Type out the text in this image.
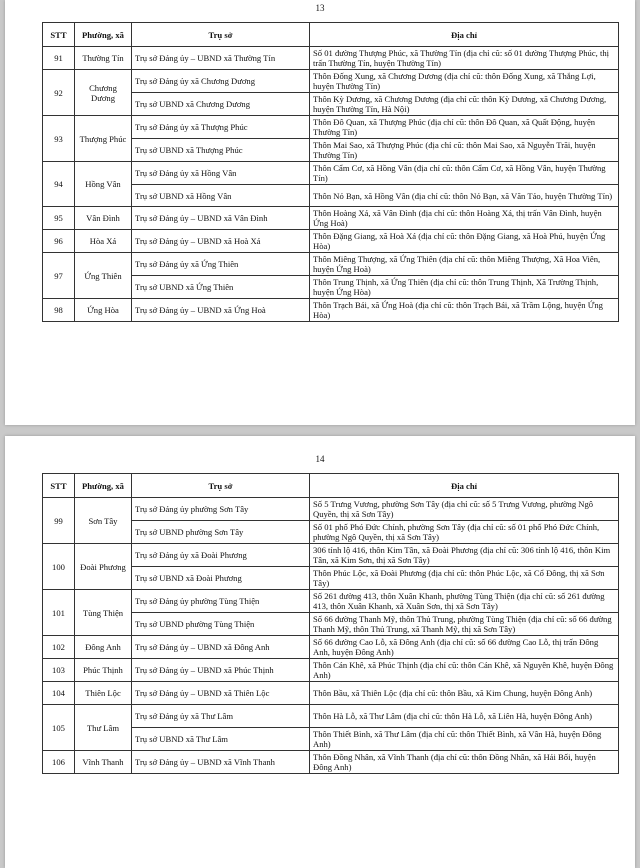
13
STT	Phường, xã	Trụ sở	Địa chỉ
91	Thường Tín	Trụ sở Đảng ủy – UBND xã Thường Tín	Số 01 đường Thượng Phúc, xã Thường Tín (địa chỉ cũ: số 01 đường Thượng Phúc, thị trấn Thường Tín, huyện Thường Tín)
92	Chương Dương	Trụ sở Đảng ủy xã Chương Dương	Thôn Đống Xung, xã Chương Dương (địa chỉ cũ: thôn Đống Xung, xã Thắng Lợi, huyện Thường Tín)
		Trụ sở UBND xã Chương Dương	Thôn Kỳ Dương, xã Chương Dương (địa chỉ cũ: thôn Kỳ Dương, xã Chương Dương, huyện Thường Tín, Hà Nội)
93	Thượng Phúc	Trụ sở Đảng ủy xã Thượng Phúc	Thôn Đô Quan, xã Thượng Phúc (địa chỉ cũ: thôn Đô Quan, xã Quất Động, huyện Thường Tín)
		Trụ sở UBND xã Thượng Phúc	Thôn Mai Sao, xã Thượng Phúc (địa chỉ cũ: thôn Mai Sao, xã Nguyễn Trãi, huyện Thường Tín)
94	Hồng Vân	Trụ sở Đảng ủy xã Hồng Vân	Thôn Cẩm Cơ, xã Hồng Vân (địa chỉ cũ: thôn Cẩm Cơ, xã Hồng Vân, huyện Thường Tín)
		Trụ sở UBND xã Hồng Vân	Thôn Nỏ Bạn, xã Hồng Vân (địa chỉ cũ: thôn Nỏ Bạn, xã Văn Tảo, huyện Thường Tín)
95	Vân Đình	Trụ sở Đảng ủy – UBND xã Vân Đình	Thôn Hoàng Xá, xã Vân Đình (địa chỉ cũ: thôn Hoàng Xá, thị trấn Vân Đình, huyện Ứng Hoà)
96	Hòa Xá	Trụ sở Đảng ủy – UBND xã Hoà Xá	Thôn Đặng Giang, xã Hoà Xá (địa chỉ cũ: thôn Đặng Giang, xã Hoà Phú, huyện Ứng Hòa)
97	Ứng Thiên	Trụ sở Đảng ủy xã Ứng Thiên	Thôn Miêng Thượng, xã Ứng Thiên (địa chỉ cũ: thôn Miêng Thượng, Xã Hoa Viên, huyện Ứng Hoà)
		Trụ sở UBND xã Ứng Thiên	Thôn Trung Thịnh, xã Ứng Thiên (địa chỉ cũ: thôn Trung Thịnh, Xã Trường Thịnh, huyện Ứng Hòa)
98	Ứng Hòa	Trụ sở Đảng ủy – UBND xã Ứng Hoà	Thôn Trạch Bái, xã Ứng Hoà (địa chỉ cũ: thôn Trạch Bái, xã Trầm Lộng, huyện Ứng Hòa)
14
STT	Phường, xã	Trụ sở	Địa chỉ
99	Sơn Tây	Trụ sở Đảng ủy phường Sơn Tây	Số 5 Trưng Vương, phường Sơn Tây (địa chỉ cũ: số 5 Trưng Vương, phường Ngô Quyền, thị xã Sơn Tây)
		Trụ sở UBND phường Sơn Tây	Số 01 phố Phó Đức Chính, phường Sơn Tây (địa chỉ cũ: số 01 phố Phó Đức Chính, phường Ngô Quyền, thị xã Sơn Tây)
100	Đoài Phương	Trụ sở Đảng ủy xã Đoài Phương	306 tỉnh lộ 416, thôn Kim Tân, xã Đoài Phương (địa chỉ cũ: 306 tỉnh lộ 416, thôn Kim Tân, xã Kim Sơn, thị xã Sơn Tây)
		Trụ sở UBND xã Đoài Phương	Thôn Phúc Lộc, xã Đoài Phương (địa chỉ cũ: thôn Phúc Lộc, xã Cổ Đông, thị xã Sơn Tây)
101	Tùng Thiện	Trụ sở Đảng ủy phường Tùng Thiện	Số 261 đường 413, thôn Xuân Khanh, phường Tùng Thiện (địa chỉ cũ: số 261 đường 413, thôn Xuân Khanh, xã Xuân Sơn, thị xã Sơn Tây)
		Trụ sở UBND phường Tùng Thiện	Số 66 đường Thanh Mỹ, thôn Thủ Trung, phường Tùng Thiện (địa chỉ cũ: số 66 đường Thanh Mỹ, thôn Thủ Trung, xã Thanh Mỹ, thị xã Sơn Tây)
102	Đông Anh	Trụ sở Đảng ủy – UBND xã Đông Anh	Số 66 đường Cao Lỗ, xã Đông Anh (địa chỉ cũ: số 66 đường Cao Lỗ, thị trấn Đông Anh, huyện Đông Anh)
103	Phúc Thịnh	Trụ sở Đảng ủy – UBND xã Phúc Thịnh	Thôn Cán Khê, xã Phúc Thịnh (địa chỉ cũ: thôn Cán Khê, xã Nguyên Khê, huyện Đông Anh)
104	Thiên Lộc	Trụ sở Đảng ủy – UBND xã Thiên Lộc	Thôn Bầu, xã Thiên Lộc (địa chỉ cũ: thôn Bầu, xã Kim Chung, huyện Đông Anh)
105	Thư Lâm	Trụ sở Đảng ủy xã Thư Lâm	Thôn Hà Lỗ, xã Thư Lâm (địa chỉ cũ: thôn Hà Lỗ, xã Liên Hà, huyện Đông Anh)
		Trụ sở UBND xã Thư Lâm	Thôn Thiết Bình, xã Thư Lâm (địa chỉ cũ: thôn Thiết Bình, xã Vân Hà, huyện Đông Anh)
106	Vĩnh Thanh	Trụ sở Đảng ủy – UBND xã Vĩnh Thanh	Thôn Đồng Nhân, xã Vĩnh Thanh (địa chỉ cũ: thôn Đồng Nhân, xã Hải Bối, huyện Đông Anh)
